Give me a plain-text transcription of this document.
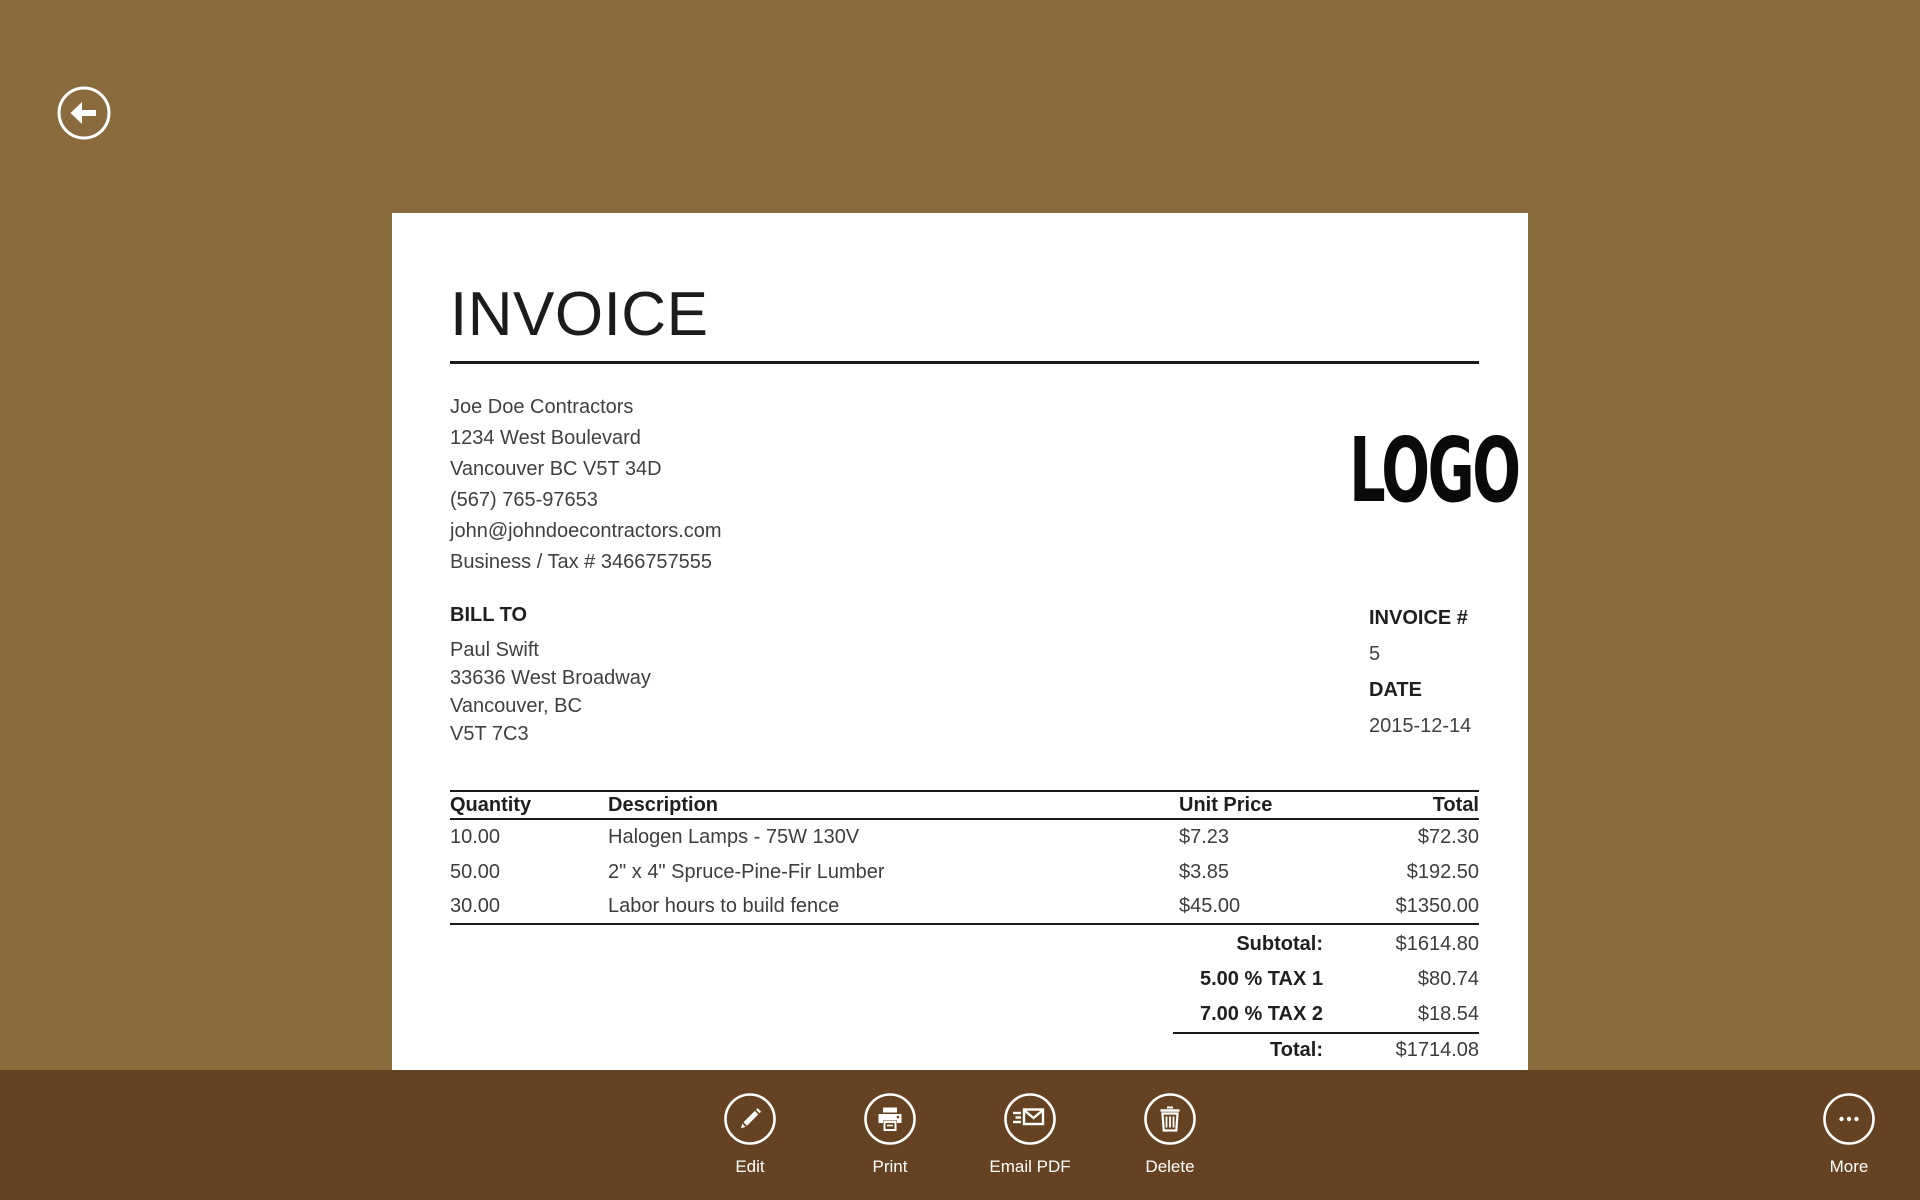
INVOICE
Joe Doe Contractors
1234 West Boulevard
Vancouver BC V5T 34D
(567) 765-97653
john@johndoecontractors.com
Business / Tax # 3466757555
LOGO
BILL TO
Paul Swift
33636 West Broadway
Vancouver, BC
V5T 7C3
INVOICE #
5
DATE
2015-12-14
Quantity	Description	Unit Price	Total
10.00	Halogen Lamps - 75W 130V	$7.23	$72.30
50.00	2" x 4" Spruce-Pine-Fir Lumber	$3.85	$192.50
30.00	Labor hours to build fence	$45.00	$1350.00
Subtotal:	$1614.80
5.00 % TAX 1	$80.74
7.00 % TAX 2	$18.54
Total:	$1714.08
Edit	Print	Email PDF	Delete	More
